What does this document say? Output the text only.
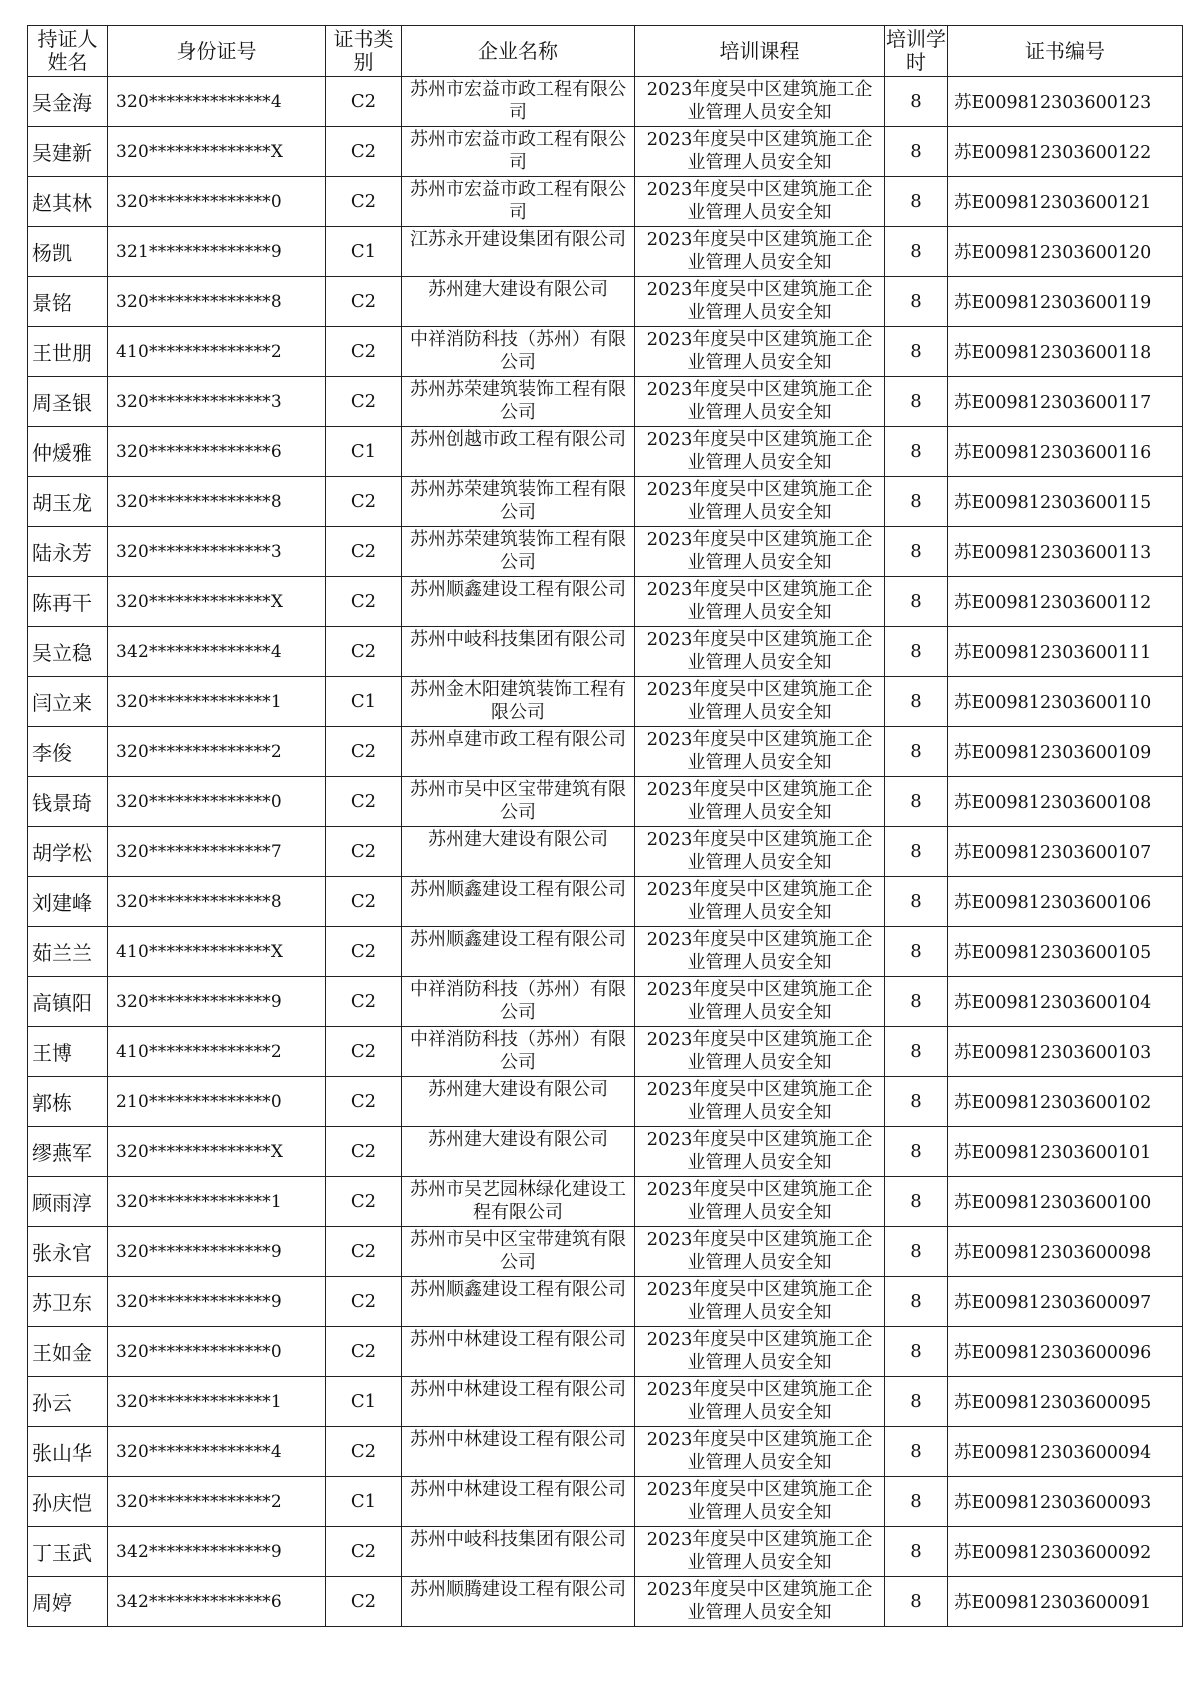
持证人姓名	身份证号	证书类别	企业名称	培训课程	培训学时	证书编号
吴金海	320**************4	C2	苏州市宏益市政工程有限公司	2023年度吴中区建筑施工企业管理人员安全知	8	苏E009812303600123
吴建新	320**************X	C2	苏州市宏益市政工程有限公司	2023年度吴中区建筑施工企业管理人员安全知	8	苏E009812303600122
赵其林	320**************0	C2	苏州市宏益市政工程有限公司	2023年度吴中区建筑施工企业管理人员安全知	8	苏E009812303600121
杨凯	321**************9	C1	江苏永开建设集团有限公司	2023年度吴中区建筑施工企业管理人员安全知	8	苏E009812303600120
景铭	320**************8	C2	苏州建大建设有限公司	2023年度吴中区建筑施工企业管理人员安全知	8	苏E009812303600119
王世朋	410**************2	C2	中祥消防科技（苏州）有限公司	2023年度吴中区建筑施工企业管理人员安全知	8	苏E009812303600118
周圣银	320**************3	C2	苏州苏荣建筑装饰工程有限公司	2023年度吴中区建筑施工企业管理人员安全知	8	苏E009812303600117
仲煖雅	320**************6	C1	苏州创越市政工程有限公司	2023年度吴中区建筑施工企业管理人员安全知	8	苏E009812303600116
胡玉龙	320**************8	C2	苏州苏荣建筑装饰工程有限公司	2023年度吴中区建筑施工企业管理人员安全知	8	苏E009812303600115
陆永芳	320**************3	C2	苏州苏荣建筑装饰工程有限公司	2023年度吴中区建筑施工企业管理人员安全知	8	苏E009812303600113
陈再干	320**************X	C2	苏州顺鑫建设工程有限公司	2023年度吴中区建筑施工企业管理人员安全知	8	苏E009812303600112
吴立稳	342**************4	C2	苏州中岐科技集团有限公司	2023年度吴中区建筑施工企业管理人员安全知	8	苏E009812303600111
闫立来	320**************1	C1	苏州金木阳建筑装饰工程有限公司	2023年度吴中区建筑施工企业管理人员安全知	8	苏E009812303600110
李俊	320**************2	C2	苏州卓建市政工程有限公司	2023年度吴中区建筑施工企业管理人员安全知	8	苏E009812303600109
钱景琦	320**************0	C2	苏州市吴中区宝带建筑有限公司	2023年度吴中区建筑施工企业管理人员安全知	8	苏E009812303600108
胡学松	320**************7	C2	苏州建大建设有限公司	2023年度吴中区建筑施工企业管理人员安全知	8	苏E009812303600107
刘建峰	320**************8	C2	苏州顺鑫建设工程有限公司	2023年度吴中区建筑施工企业管理人员安全知	8	苏E009812303600106
茹兰兰	410**************X	C2	苏州顺鑫建设工程有限公司	2023年度吴中区建筑施工企业管理人员安全知	8	苏E009812303600105
高镇阳	320**************9	C2	中祥消防科技（苏州）有限公司	2023年度吴中区建筑施工企业管理人员安全知	8	苏E009812303600104
王博	410**************2	C2	中祥消防科技（苏州）有限公司	2023年度吴中区建筑施工企业管理人员安全知	8	苏E009812303600103
郭栋	210**************0	C2	苏州建大建设有限公司	2023年度吴中区建筑施工企业管理人员安全知	8	苏E009812303600102
缪燕军	320**************X	C2	苏州建大建设有限公司	2023年度吴中区建筑施工企业管理人员安全知	8	苏E009812303600101
顾雨淳	320**************1	C2	苏州市吴艺园林绿化建设工程有限公司	2023年度吴中区建筑施工企业管理人员安全知	8	苏E009812303600100
张永官	320**************9	C2	苏州市吴中区宝带建筑有限公司	2023年度吴中区建筑施工企业管理人员安全知	8	苏E009812303600098
苏卫东	320**************9	C2	苏州顺鑫建设工程有限公司	2023年度吴中区建筑施工企业管理人员安全知	8	苏E009812303600097
王如金	320**************0	C2	苏州中林建设工程有限公司	2023年度吴中区建筑施工企业管理人员安全知	8	苏E009812303600096
孙云	320**************1	C1	苏州中林建设工程有限公司	2023年度吴中区建筑施工企业管理人员安全知	8	苏E009812303600095
张山华	320**************4	C2	苏州中林建设工程有限公司	2023年度吴中区建筑施工企业管理人员安全知	8	苏E009812303600094
孙庆恺	320**************2	C1	苏州中林建设工程有限公司	2023年度吴中区建筑施工企业管理人员安全知	8	苏E009812303600093
丁玉武	342**************9	C2	苏州中岐科技集团有限公司	2023年度吴中区建筑施工企业管理人员安全知	8	苏E009812303600092
周婷	342**************6	C2	苏州顺腾建设工程有限公司	2023年度吴中区建筑施工企业管理人员安全知	8	苏E009812303600091
